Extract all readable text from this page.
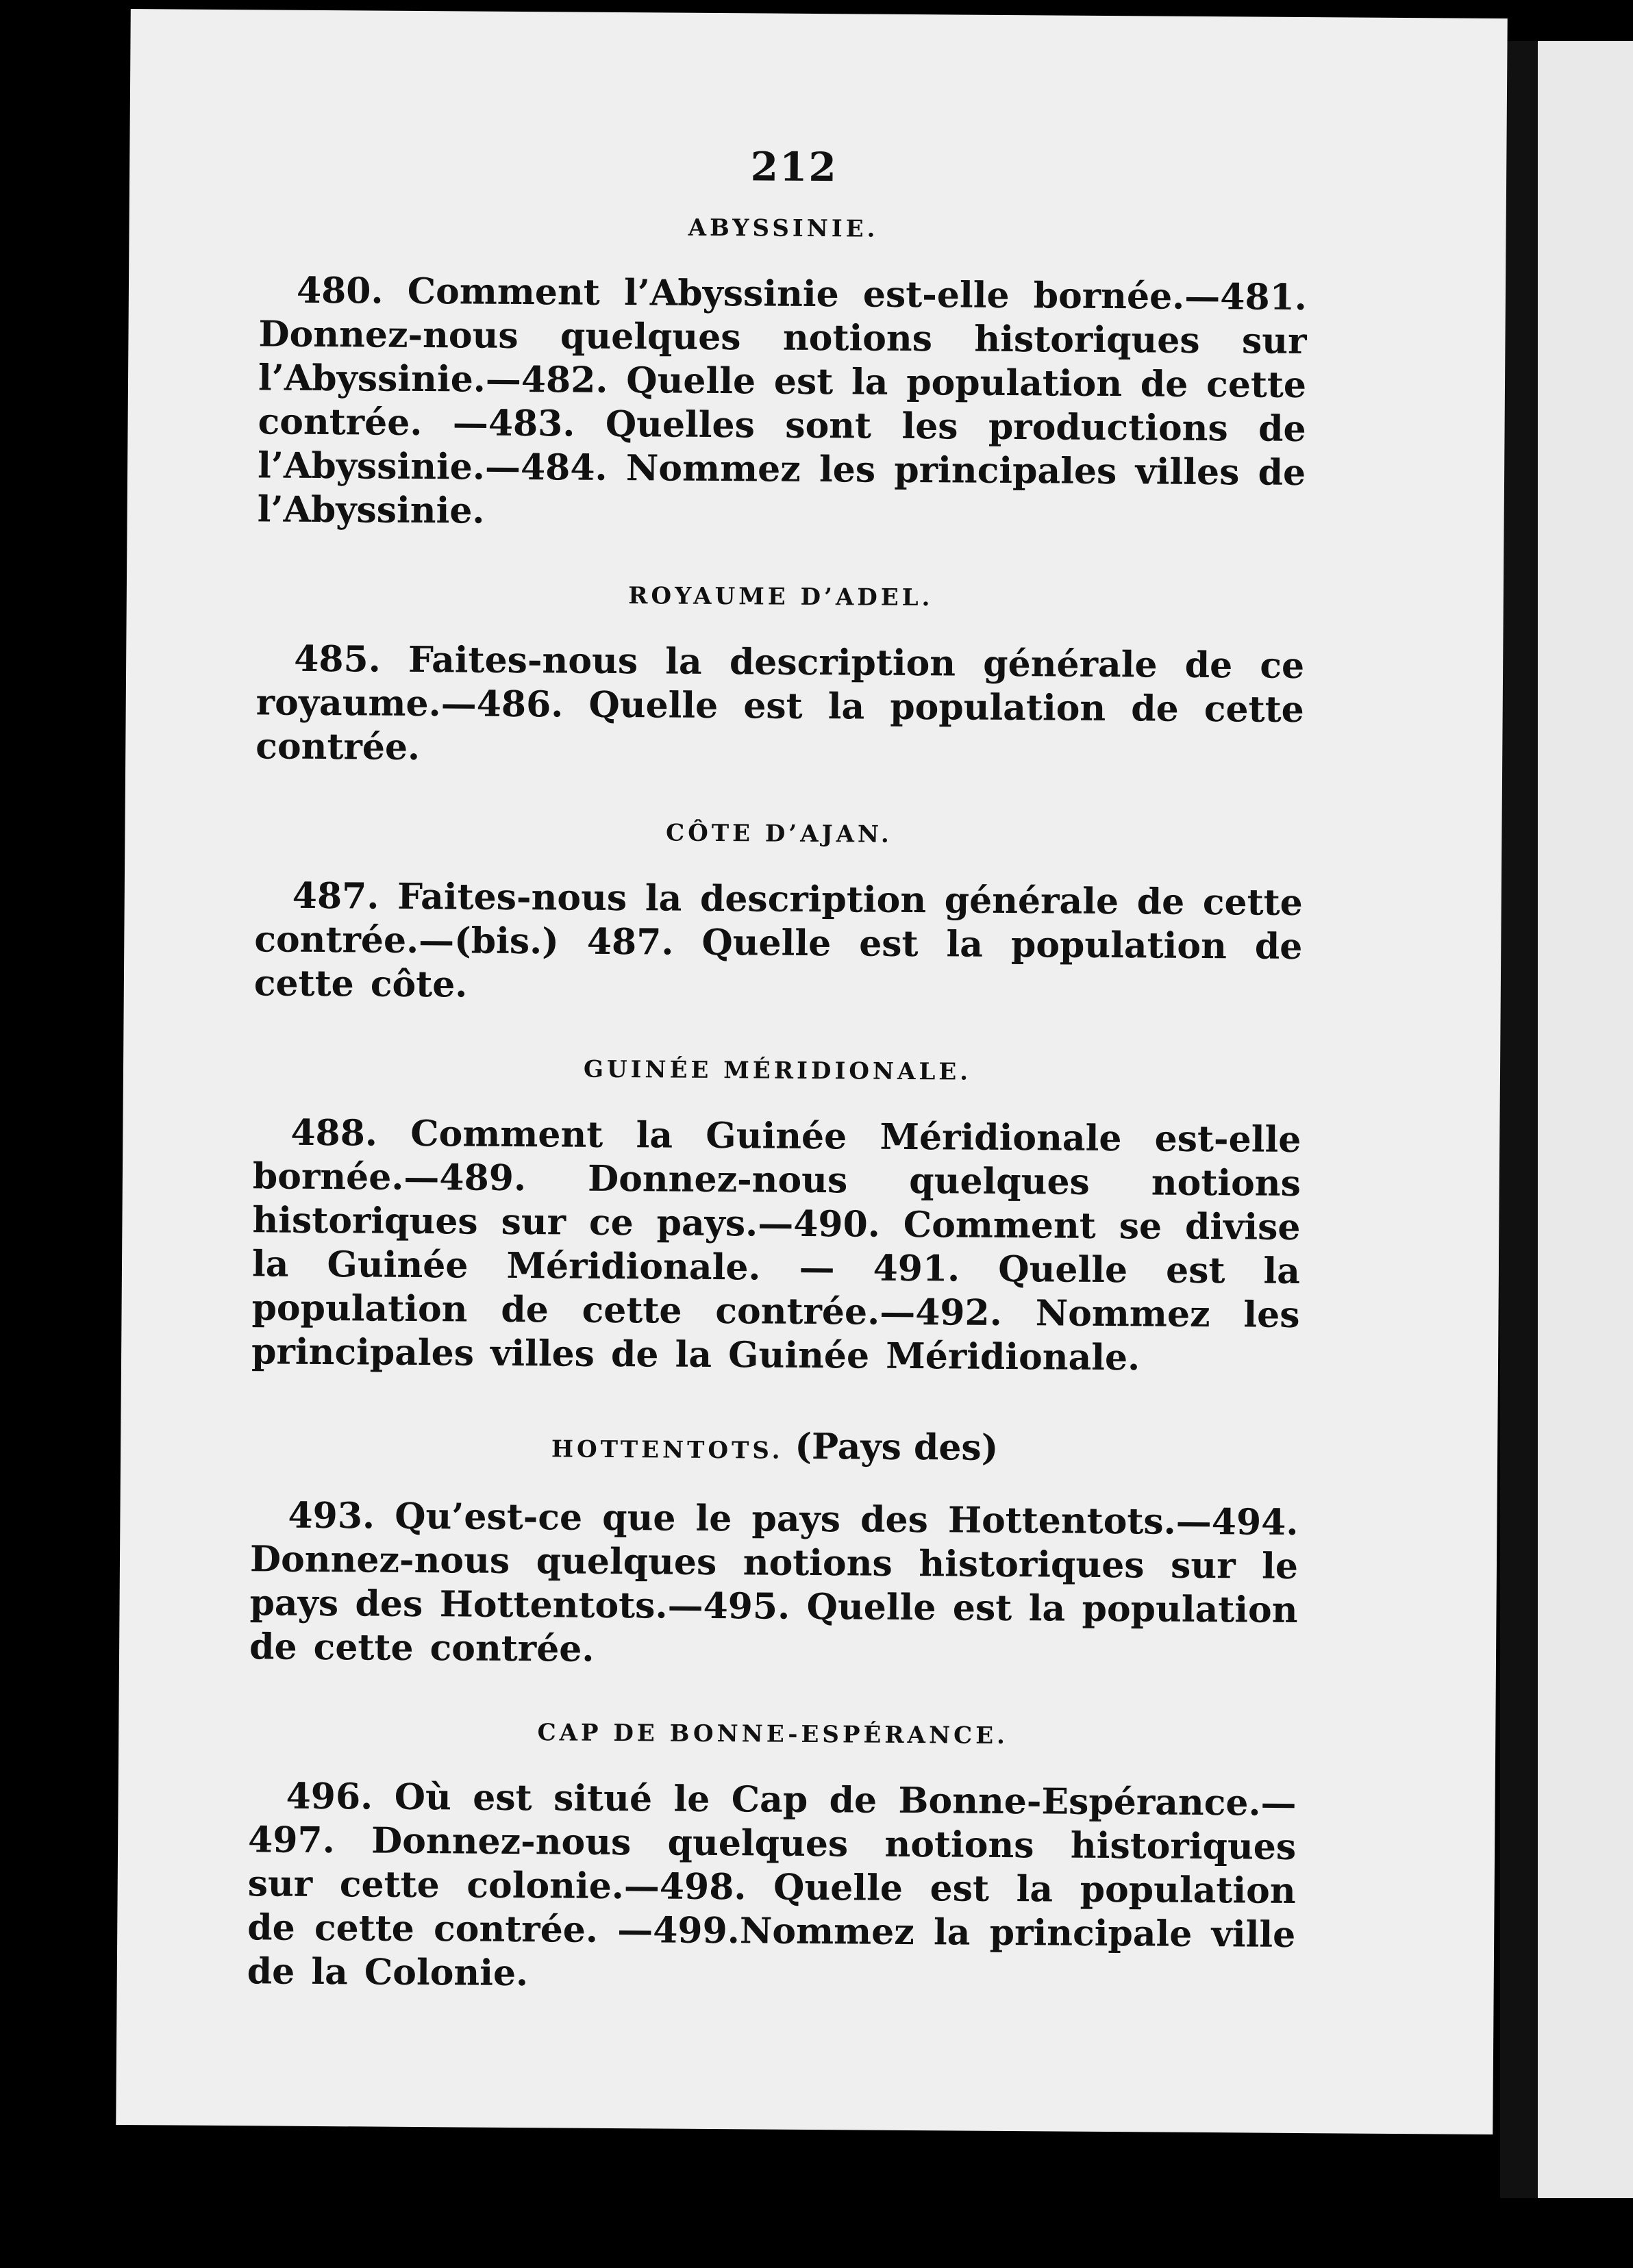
212
ABYSSINIE.

480. Comment l’Abyssinie est-elle bornée.—481. Donnez-nous quelques notions historiques sur l’Abyssinie.—482. Quelle est la population de cette contrée. —483. Quelles sont les productions de l’Abyssinie.—484. Nommez les principales villes de l’Abyssinie.

ROYAUME D’ADEL.

485. Faites-nous la description générale de ce royaume.—486. Quelle est la population de cette contrée.

CÔTE D’AJAN.

487. Faites-nous la description générale de cette contrée.—(bis.) 487. Quelle est la population de cette côte.

GUINÉE MÉRIDIONALE.

488. Comment la Guinée Méridionale est-elle bornée.—489. Donnez-nous quelques notions historiques sur ce pays.—490. Comment se divise la Guinée Méridionale. — 491. Quelle est la population de cette contrée.—492. Nommez les principales villes de la Guinée Méridionale.

HOTTENTOTS. (Pays des)

493. Qu’est-ce que le pays des Hottentots.—494. Donnez-nous quelques notions historiques sur le pays des Hottentots.—495. Quelle est la population de cette contrée.

CAP DE BONNE-ESPÉRANCE.

496. Où est situé le Cap de Bonne-Espérance.—497. Donnez-nous quelques notions historiques sur cette colonie.—498. Quelle est la population de cette contrée. —499.Nommez la principale ville de la Colonie.
